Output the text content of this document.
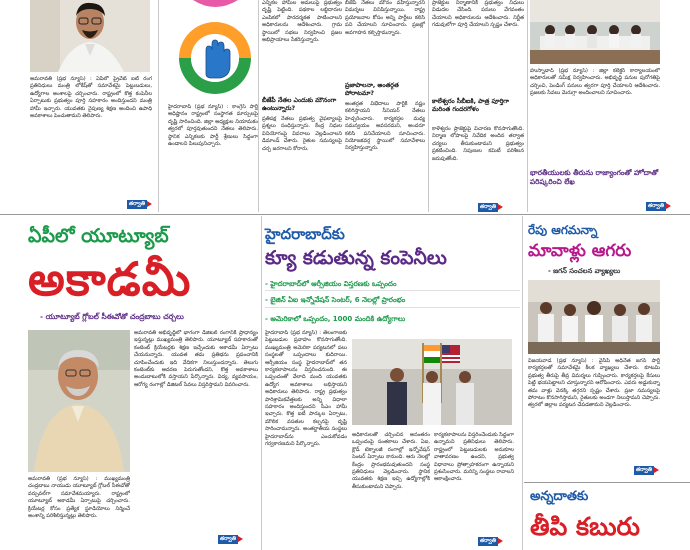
అమరావతి (ప్రభ న్యూస్‌) : ఏపీలో ప్రైవేట్ ఐటీ రంగ ప్రతినిధులు మంత్రి లోకేష్‌తో సమావేశమై పెట్టుబడులు, ఉద్యోగాల అంశాలపై చర్చించారు. రాష్ట్రంలో కొత్త కంపెనీల ఏర్పాటుకు ప్రభుత్వం పూర్తి సహకారం అందిస్తుందని మంత్రి హామీ ఇచ్చారు. యువతకు నైపుణ్య శిక్షణ అందించి ఉపాధి అవకాశాలు పెంచుతామని తెలిపారు.
తర్వాతి
హైదరాబాద్‌ (ప్రభ న్యూస్‌) : కాంగ్రెస్ పార్టీ అధిష్టానం రాష్ట్రంలో సంస్థాగత మార్పులపై దృష్టి సారించింది. జిల్లా అధ్యక్షుల నియామకం త్వరలో పూర్తవుతుందని నేతలు తెలిపారు. స్థానిక ఎన్నికలకు పార్టీ శ్రేణులు సిద్ధంగా ఉండాలని పిలుపునిచ్చారు.
ఎన్నికల హామీల అమలుపై ప్రభుత్వం దృష్టి పెట్టింది. పథకాల లబ్ధిదారుల ఎంపికలో పారదర్శకత పాటించాలని అధికారులను ఆదేశించారు. గ్రామ స్థాయిలో సభలు నిర్వహించి ప్రజల అభిప్రాయాలు సేకరిస్తున్నారు.
బీజేపీ నేతల ఎందుకు మౌనంగా ఉంటున్నారు?
ప్రతిపక్ష నేతలు ప్రభుత్వ వైఫల్యాలపై ప్రశ్నలు సంధిస్తున్నారు. కేంద్ర నిధుల వినియోగంపై వివరాలు వెల్లడించాలని డిమాండ్ చేశారు. రైతుల సమస్యలపై చర్చ జరగాలని కోరారు.
బీజేపీ నేతలు మౌనం వహిస్తున్నారని విమర్శలు వినిపిస్తున్నాయి. రాష్ట్ర ప్రయోజనాల కోసం అన్ని పార్టీలు కలిసి పని చేయాలని సూచించారు. ప్రజల్లో అవగాహన కల్పిస్తామన్నారు.
ప్రజాపాలనా, అంతర్గత పోరాటమా?
అంతర్గత విభేదాలు పార్టీకి నష్టం కలిగిస్తాయని సీనియర్ నేతలు హెచ్చరించారు. కార్యకర్తల మధ్య సమన్వయం అవసరమని, అందరూ కలిసి పనిచేయాలని సూచించారు. నియోజకవర్గ స్థాయిలో సమావేశాలు నిర్వహిస్తున్నారు.
ప్రాజెక్టుల నిర్మాణానికి ప్రభుత్వం నిధులు విడుదల చేసింది. పనులు వేగవంతం చేయాలని అధికారులను ఆదేశించారు. నిర్ణీత గడువులోగా పూర్తి చేయాలని స్పష్టం చేశారు.
కాలేశ్వరం సీబీఐకి, పాత్ర పూర్తిగా మరింత గందరగోళం
కాళేశ్వరం ప్రాజెక్టుపై విచారణ కొనసాగుతోంది. నిర్మాణ లోపాలపై నివేదిక అందిన తర్వాత చర్యలు తీసుకుంటామని ప్రభుత్వం ప్రకటించింది. నిపుణుల కమిటీ పరిశీలన జరుపుతోంది.
తర్వాతి
హుస్నాబాద్ (ప్రభ న్యూస్‌) : జిల్లా కలెక్టర్ కార్యాలయంలో అధికారులతో సమీక్ష నిర్వహించారు. అభివృద్ధి పనుల పురోగతిపై చర్చించి, పెండింగ్ పనులు త్వరగా పూర్తి చేయాలని ఆదేశించారు. ప్రజలకు సేవలు మెరుగ్గా అందించాలని సూచించారు.
భారతీయులకు తీరును రాజ్యాంగంతో హోదాతో పరిష్కరించి లేఖ
తర్వాతి
ఏపీలో యూట్యూబ్
అకాడమీ
- యూట్యూబ్ గ్లోబల్ సీఈవోతో చంద్రబాబు చర్చలు
అమరావతి అభివృద్ధిలో భాగంగా డిజిటల్ రంగానికి ప్రాధాన్యం ఇస్తున్నట్లు ముఖ్యమంత్రి తెలిపారు. యూట్యూబ్ సహకారంతో కంటెంట్ క్రియేటర్లకు శిక్షణ ఇచ్చేందుకు అకాడమీ ఏర్పాటు చేయనున్నారు. యువత తమ ప్రతిభను ప్రపంచానికి చూపించేందుకు ఇది వేదికగా నిలుస్తుందన్నారు. తెలుగు కంటెంట్‌కు ఆదరణ పెరుగుతోందని, కొత్త అవకాశాలు అందుబాటులోకి వస్తాయని పేర్కొన్నారు. విద్య, వ్యవసాయం, ఆరోగ్య రంగాల్లో డిజిటల్ సేవలు విస్తరిస్తామని వివరించారు.
అమరావతి (ప్రభ న్యూస్‌) : ముఖ్యమంత్రి చంద్రబాబు నాయుడు యూట్యూబ్ గ్లోబల్ సీఈవోతో వర్చువల్‌గా సమావేశమయ్యారు. రాష్ట్రంలో యూట్యూబ్ అకాడమీ ఏర్పాటుపై చర్చించారు. క్రియేటర్ల కోసం ప్రత్యేక స్టూడియోలు నిర్మించే అంశాన్ని పరిశీలిస్తున్నట్లు తెలిపారు.
తర్వాతి
హైదరాబాద్‌కు
క్యూ కడుతున్న కంపెనీలు
- హైదరాబాద్‌లో ఆర్సీజియం విస్తరణకు ఒప్పందం
- బైజిన్ ఏఐ ఇన్నోవేషన్ సెంటర్, 6 నెలల్లో ప్రారంభం
- అమెరికాలో ఒప్పందం, 1000 మందికి ఉద్యోగాలు
హైదరాబాద్‌ (ప్రభ న్యూస్‌) : తెలంగాణకు పెట్టుబడుల ప్రవాహం కొనసాగుతోంది. ముఖ్యమంత్రి అమెరికా పర్యటనలో పలు సంస్థలతో ఒప్పందాలు కుదిరాయి. ఆర్సీజియం సంస్థ హైదరాబాద్‌లో తన కార్యకలాపాలను విస్తరించనుంది. ఈ ఒప్పందంతో వేలాది మంది యువతకు ఉద్యోగ అవకాశాలు లభిస్తాయని అధికారులు తెలిపారు. రాష్ట్ర ప్రభుత్వం పారిశ్రామికవేత్తలకు అన్ని విధాలా సహకారం అందిస్తుందని సీఎం హామీ ఇచ్చారు. కొత్త ఐటీ పార్కుల ఏర్పాటు, మౌలిక వసతుల కల్పనపై దృష్టి సారించామన్నారు. అంతర్జాతీయ సంస్థలు హైదరాబాద్‌ను ఎంచుకోవడం గర్వకారణమని పేర్కొన్నారు.
అధికారులతో చర్చించిన అనంతరం ఒప్పందంపై సంతకాలు చేశారు. ఏఐ, క్లౌడ్ టెక్నాలజీ రంగాల్లో ఇన్నోవేషన్ సెంటర్ ఏర్పాటు కానుంది. ఆరు నెలల్లో కేంద్రం ప్రారంభమవుతుందని సంస్థ ప్రతినిధులు వెల్లడించారు. స్థానిక యువతకు శిక్షణ ఇచ్చి ఉద్యోగాల్లోకి తీసుకుంటామని చెప్పారు.
కార్యకలాపాలను విస్తరించేందుకు సిద్ధంగా ఉన్నామని ప్రతినిధులు తెలిపారు. రాష్ట్రంలో పెట్టుబడులకు అనుకూల వాతావరణం ఉందని, ప్రభుత్వ విధానాలు ప్రోత్సాహకరంగా ఉన్నాయని ప్రశంసించారు. మరిన్ని సంస్థలు రావాలని ఆకాంక్షించారు.
తర్వాతి
రేపు ఆగమన్నా
మావాళ్లు ఆగరు
- జగన్ సంచలన వ్యాఖ్యలు
విజయవాడ (ప్రభ న్యూస్‌) : వైసీపీ అధినేత జగన్ పార్టీ కార్యకర్తలతో సమావేశమై కీలక వ్యాఖ్యలు చేశారు. కూటమి ప్రభుత్వ తీరుపై తీవ్ర విమర్శలు గుప్పించారు. కార్యకర్తలపై కేసులు పెట్టి భయపెట్టాలని చూస్తున్నారని ఆరోపించారు. ఎవరు అడ్డుకున్నా తమ వాళ్లు వెనక్కి తగ్గరని స్పష్టం చేశారు. ప్రజా సమస్యలపై పోరాటం కొనసాగిస్తామని, రైతులకు అండగా నిలుస్తామని చెప్పారు. త్వరలో జిల్లాల పర్యటన చేపడతామని వెల్లడించారు.
తర్వాతి
అన్నదాతకు
తీపి కబురు
